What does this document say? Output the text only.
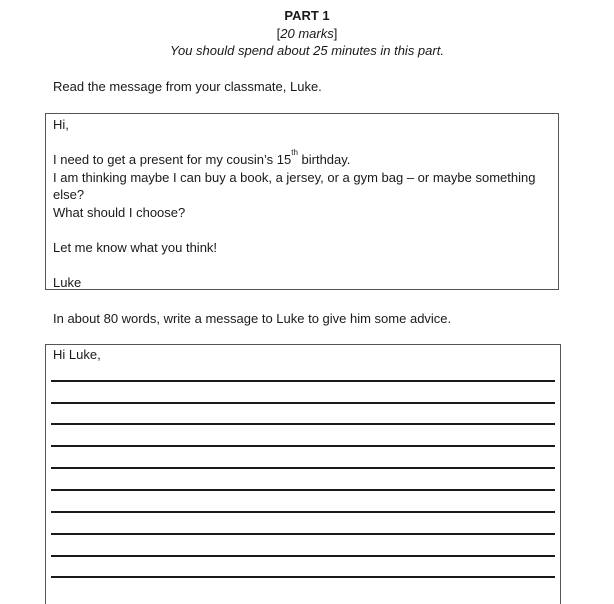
PART 1
[20 marks]
You should spend about 25 minutes in this part.
Read the message from your classmate, Luke.
Hi,
I need to get a present for my cousin’s 15th birthday.
I am thinking maybe I can buy a book, a jersey, or a gym bag – or maybe something
else?
What should I choose?
Let me know what you think!
Luke
In about 80 words, write a message to Luke to give him some advice.
Hi Luke,
